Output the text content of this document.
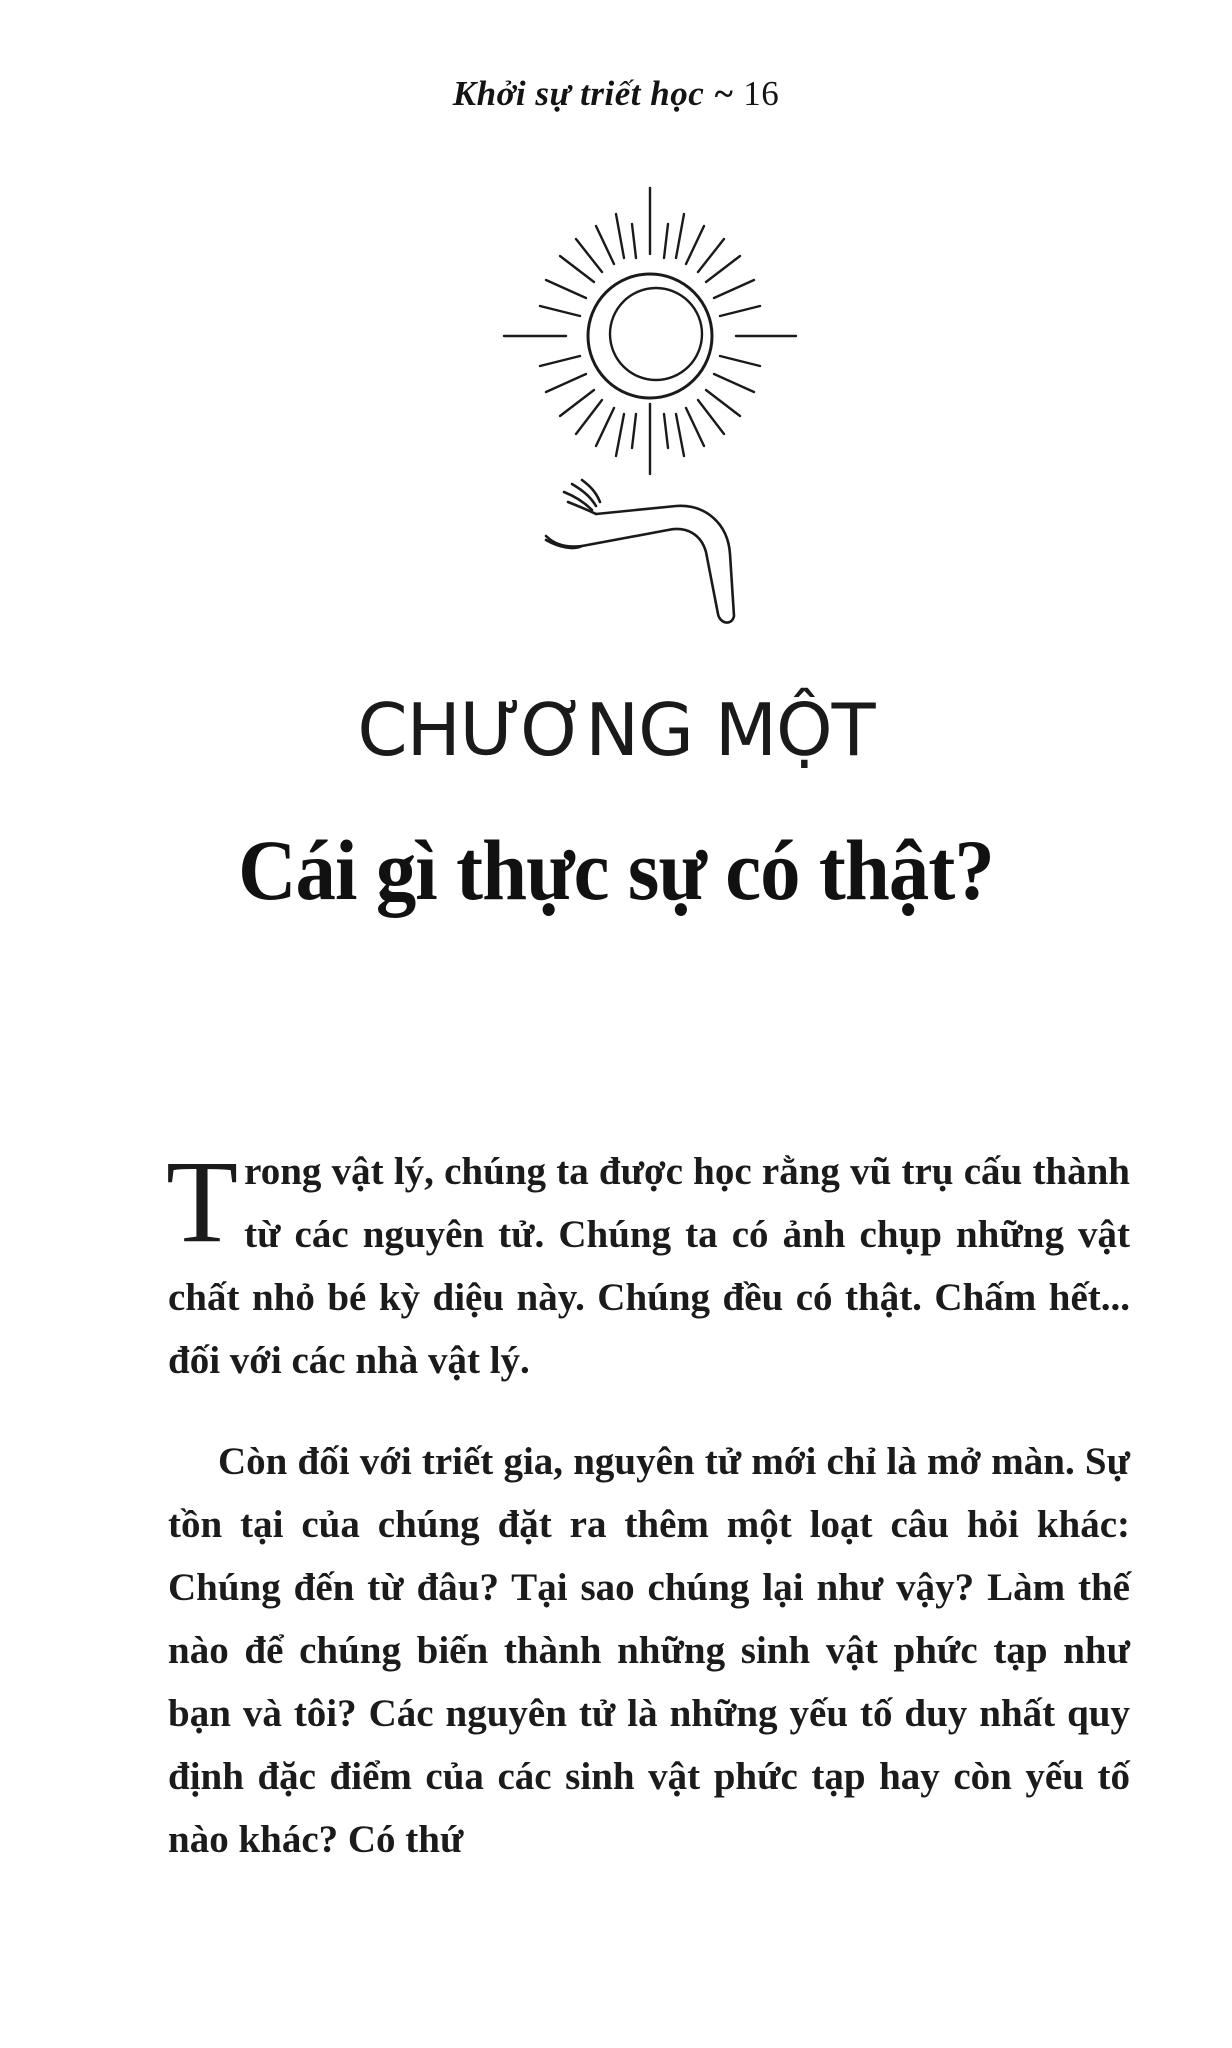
Khởi sự triết học ~ 16
CHƯƠNG MỘT
Cái gì thực sự có thật?

Trong vật lý, chúng ta được học rằng vũ trụ cấu thành từ các nguyên tử. Chúng ta có ảnh chụp những vật chất nhỏ bé kỳ diệu này. Chúng đều có thật. Chấm hết... đối với các nhà vật lý.

Còn đối với triết gia, nguyên tử mới chỉ là mở màn. Sự tồn tại của chúng đặt ra thêm một loạt câu hỏi khác: Chúng đến từ đâu? Tại sao chúng lại như vậy? Làm thế nào để chúng biến thành những sinh vật phức tạp như bạn và tôi? Các nguyên tử là những yếu tố duy nhất quy định đặc điểm của các sinh vật phức tạp hay còn yếu tố nào khác? Có thứ
